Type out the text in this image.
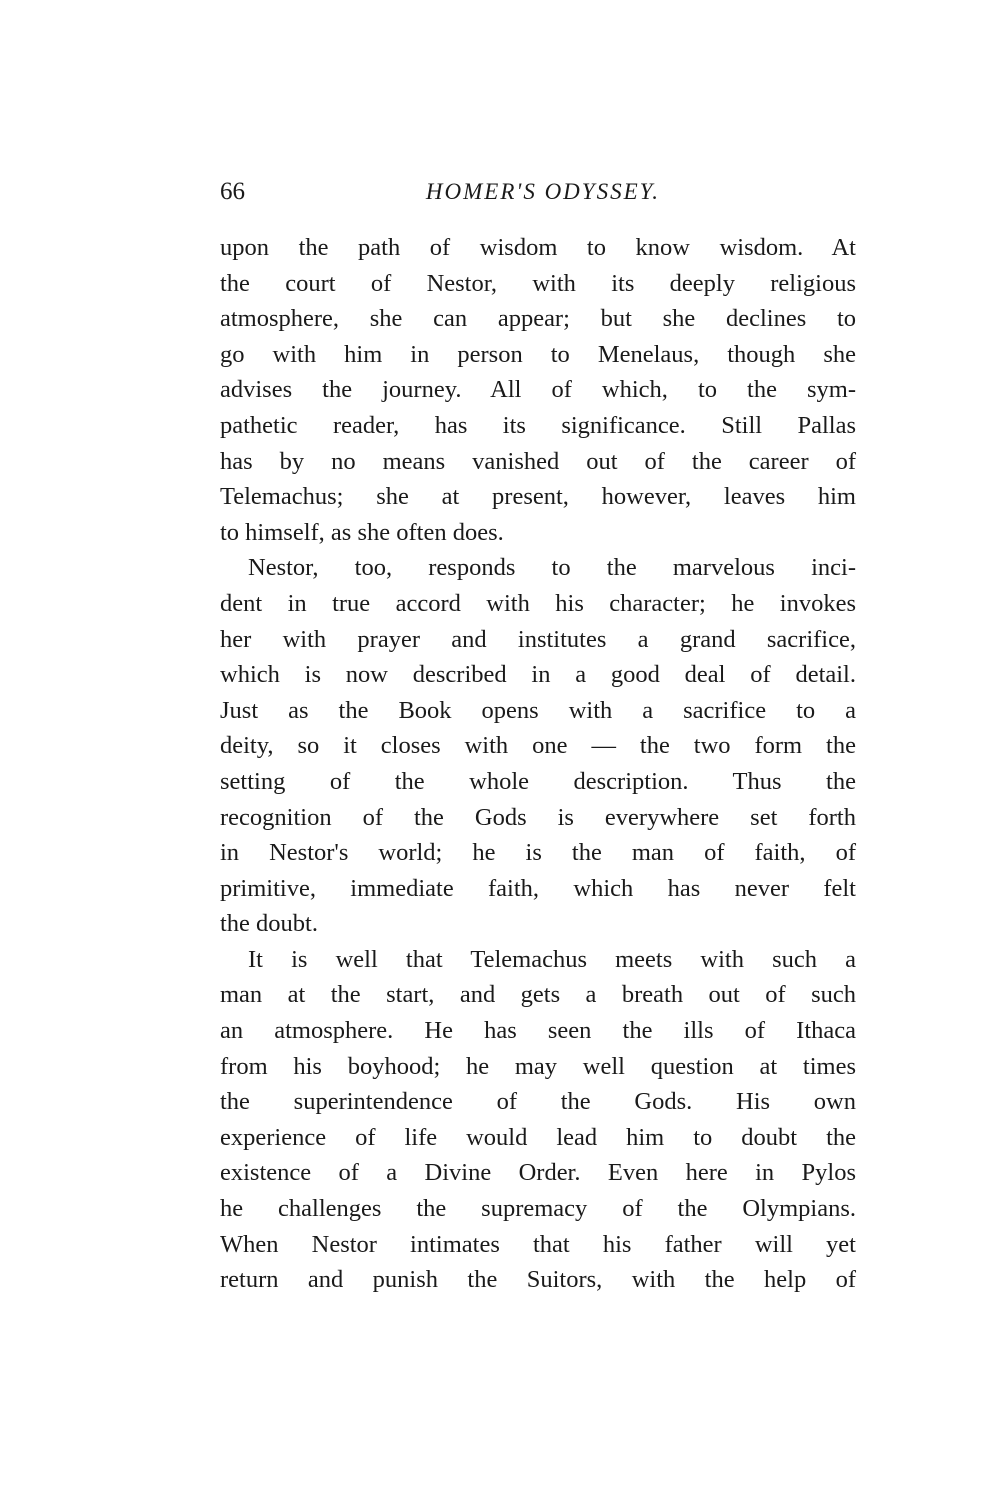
66	HOMER'S ODYSSEY.
upon the path of wisdom to know wisdom. At
the court of Nestor, with its deeply religious
atmosphere, she can appear; but she declines to
go with him in person to Menelaus, though she
advises the journey. All of which, to the sym-
pathetic reader, has its significance. Still Pallas
has by no means vanished out of the career of
Telemachus; she at present, however, leaves him
to himself, as she often does.
Nestor, too, responds to the marvelous inci-
dent in true accord with his character; he invokes
her with prayer and institutes a grand sacrifice,
which is now described in a good deal of detail.
Just as the Book opens with a sacrifice to a
deity, so it closes with one — the two form the
setting of the whole description. Thus the
recognition of the Gods is everywhere set forth
in Nestor's world; he is the man of faith, of
primitive, immediate faith, which has never felt
the doubt.
It is well that Telemachus meets with such a
man at the start, and gets a breath out of such
an atmosphere. He has seen the ills of Ithaca
from his boyhood; he may well question at times
the superintendence of the Gods. His own
experience of life would lead him to doubt the
existence of a Divine Order. Even here in Pylos
he challenges the supremacy of the Olympians.
When Nestor intimates that his father will yet
return and punish the Suitors, with the help of
